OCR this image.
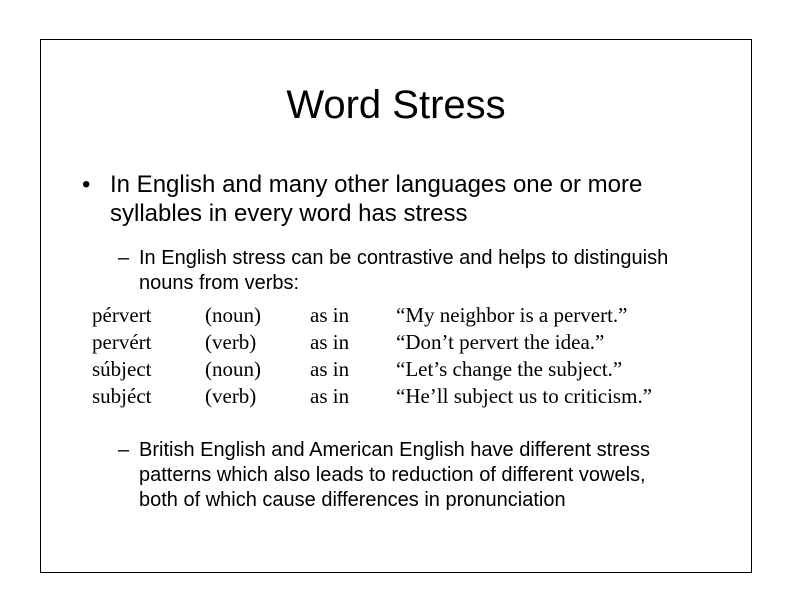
Word Stress
• In English and many other languages one or more syllables in every word has stress
– In English stress can be contrastive and helps to distinguish nouns from verbs:
pérvert	(noun)	as in	“My neighbor is a pervert.”
pervért	(verb)	as in	“Don’t pervert the idea.”
súbject	(noun)	as in	“Let’s change the subject.”
subjéct	(verb)	as in	“He’ll subject us to criticism.”
– British English and American English have different stress patterns which also leads to reduction of different vowels, both of which cause differences in pronunciation
